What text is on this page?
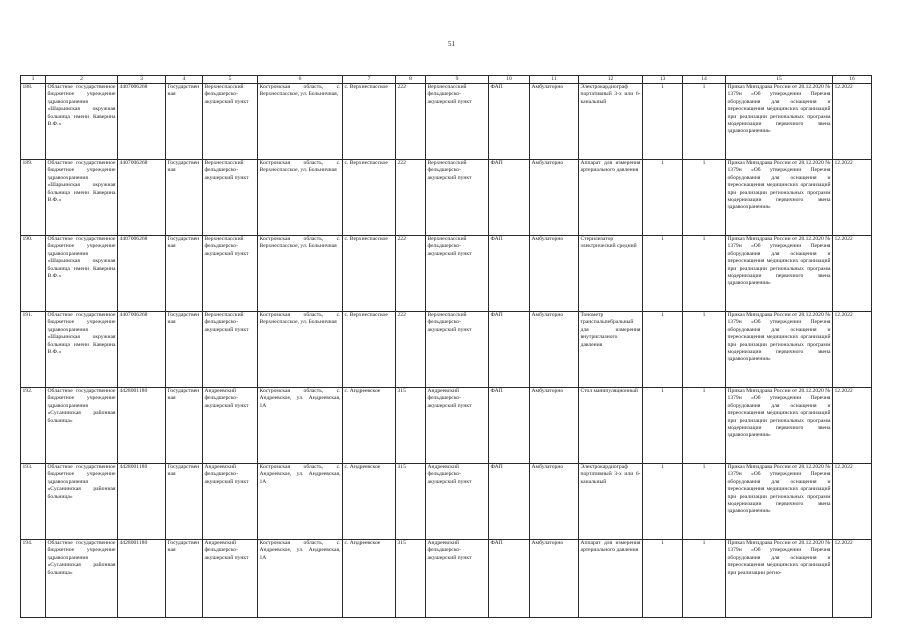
51
1	2	3	4	5	6	7	8	9	10	11	12	13	14	15	16
188.	Областное государственное бюджетное учреждение здравоохранения «Шарьинская окружная больница имени Каверина В.Ф.»	4407006268	Государственная	Верхнеспасский фельдшерско-акушерский пункт	Костромская область, с. Верхнеспасское, ул. Больничная,	с. Верхнеспасское	222	Верхнеспасский фельдшерско-акушерский пункт	ФАП	Амбулаторно	Электрокардиограф портативный 3-х или 6-канальный	1	1	Приказ Минздрава России от 28.12.2020 № 1379н «Об утверждении Перечня оборудования для оснащения и переоснащения медицинских организаций при реализации региональных программ модернизации первичного звена здравоохранения»	12.2022
189.	Областное государственное бюджетное учреждение здравоохранения «Шарьинская окружная больница имени Каверина В.Ф.»	4407006268	Государственная	Верхнеспасский фельдшерско-акушерский пункт	Костромская область, с. Верхнеспасское, ул. Больничная	с. Верхнеспасское	222	Верхнеспасский фельдшерско-акушерский пункт	ФАП	Амбулаторно	Аппарат для измерения артериального давления	1	1	Приказ Минздрава России от 28.12.2020 № 1379н «Об утверждении Перечня оборудования для оснащения и переоснащения медицинских организаций при реализации региональных программ модернизации первичного звена здравоохранения»	12.2022
190.	Областное государственное бюджетное учреждение здравоохранения «Шарьинская окружная больница имени Каверина В.Ф.»	4407006268	Государственная	Верхнеспасский фельдшерско-акушерский пункт	Костромская область, с. Верхнеспасское, ул. Больничная	с. Верхнеспасское	222	Верхнеспасский фельдшерско-акушерский пункт	ФАП	Амбулаторно	Стерилизатор электрический средний	1	1	Приказ Минздрава России от 28.12.2020 № 1379н «Об утверждении Перечня оборудования для оснащения и переоснащения медицинских организаций при реализации региональных программ модернизации первичного звена здравоохранения»	12.2022
191.	Областное государственное бюджетное учреждение здравоохранения «Шарьинская окружная больница имени Каверина В.Ф.»	4407006268	Государственная	Верхнеспасский фельдшерско-акушерский пункт	Костромская область, с. Верхнеспасское, ул. Больничная	с. Верхнеспасское	222	Верхнеспасский фельдшерско-акушерский пункт	ФАП	Амбулаторно	Тонометр транспальпебральный для измерения внутриглазного давления	1	1	Приказ Минздрава России от 28.12.2020 № 1379н «Об утверждении Перечня оборудования для оснащения и переоснащения медицинских организаций при реализации региональных программ модернизации первичного звена здравоохранения»	12.2022
192.	Областное государственное бюджетное учреждение здравоохранения «Сусанинская районная больница»	4428001180	Государственная	Андреевский фельдшерско-акушерский пункт	Костромская область, с. Андреевское, ул. Андреевская, 1А	с. Андреевское	315	Андреевский фельдшерско-акушерский пункт	ФАП	Амбулаторно	Стол манипуляционный	1	1	Приказ Минздрава России от 28.12.2020 № 1379н «Об утверждении Перечня оборудования для оснащения и переоснащения медицинских организаций при реализации региональных программ модернизации первичного звена здравоохранения»	12.2022
193.	Областное государственное бюджетное учреждение здравоохранения «Сусанинская районная больница»	4428001180	Государственная	Андреевский фельдшерско-акушерский пункт	Костромская область, с. Андреевское, ул. Андреевская, 1А	с. Андреевское	315	Андреевский фельдшерско-акушерский пункт	ФАП	Амбулаторно	Электрокардиограф портативный 3-х или 6-канальный	1	1	Приказ Минздрава России от 28.12.2020 № 1379н «Об утверждении Перечня оборудования для оснащения и переоснащения медицинских организаций при реализации региональных программ модернизации первичного звена здравоохранения»	12.2022
194.	Областное государственное бюджетное учреждение здравоохранения «Сусанинская районная больница»	4428001180	Государственная	Андреевский фельдшерско-акушерский пункт	Костромская область, с. Андреевское, ул. Андреевская, 1А	с. Андреевское	315	Андреевский фельдшерско-акушерский пункт	ФАП	Амбулаторно	Аппарат для измерения артериального давления	1	1	Приказ Минздрава России от 28.12.2020 № 1379н «Об утверждении Перечня оборудования для оснащения и переоснащения медицинских организаций при реализации регио-	12.2022
